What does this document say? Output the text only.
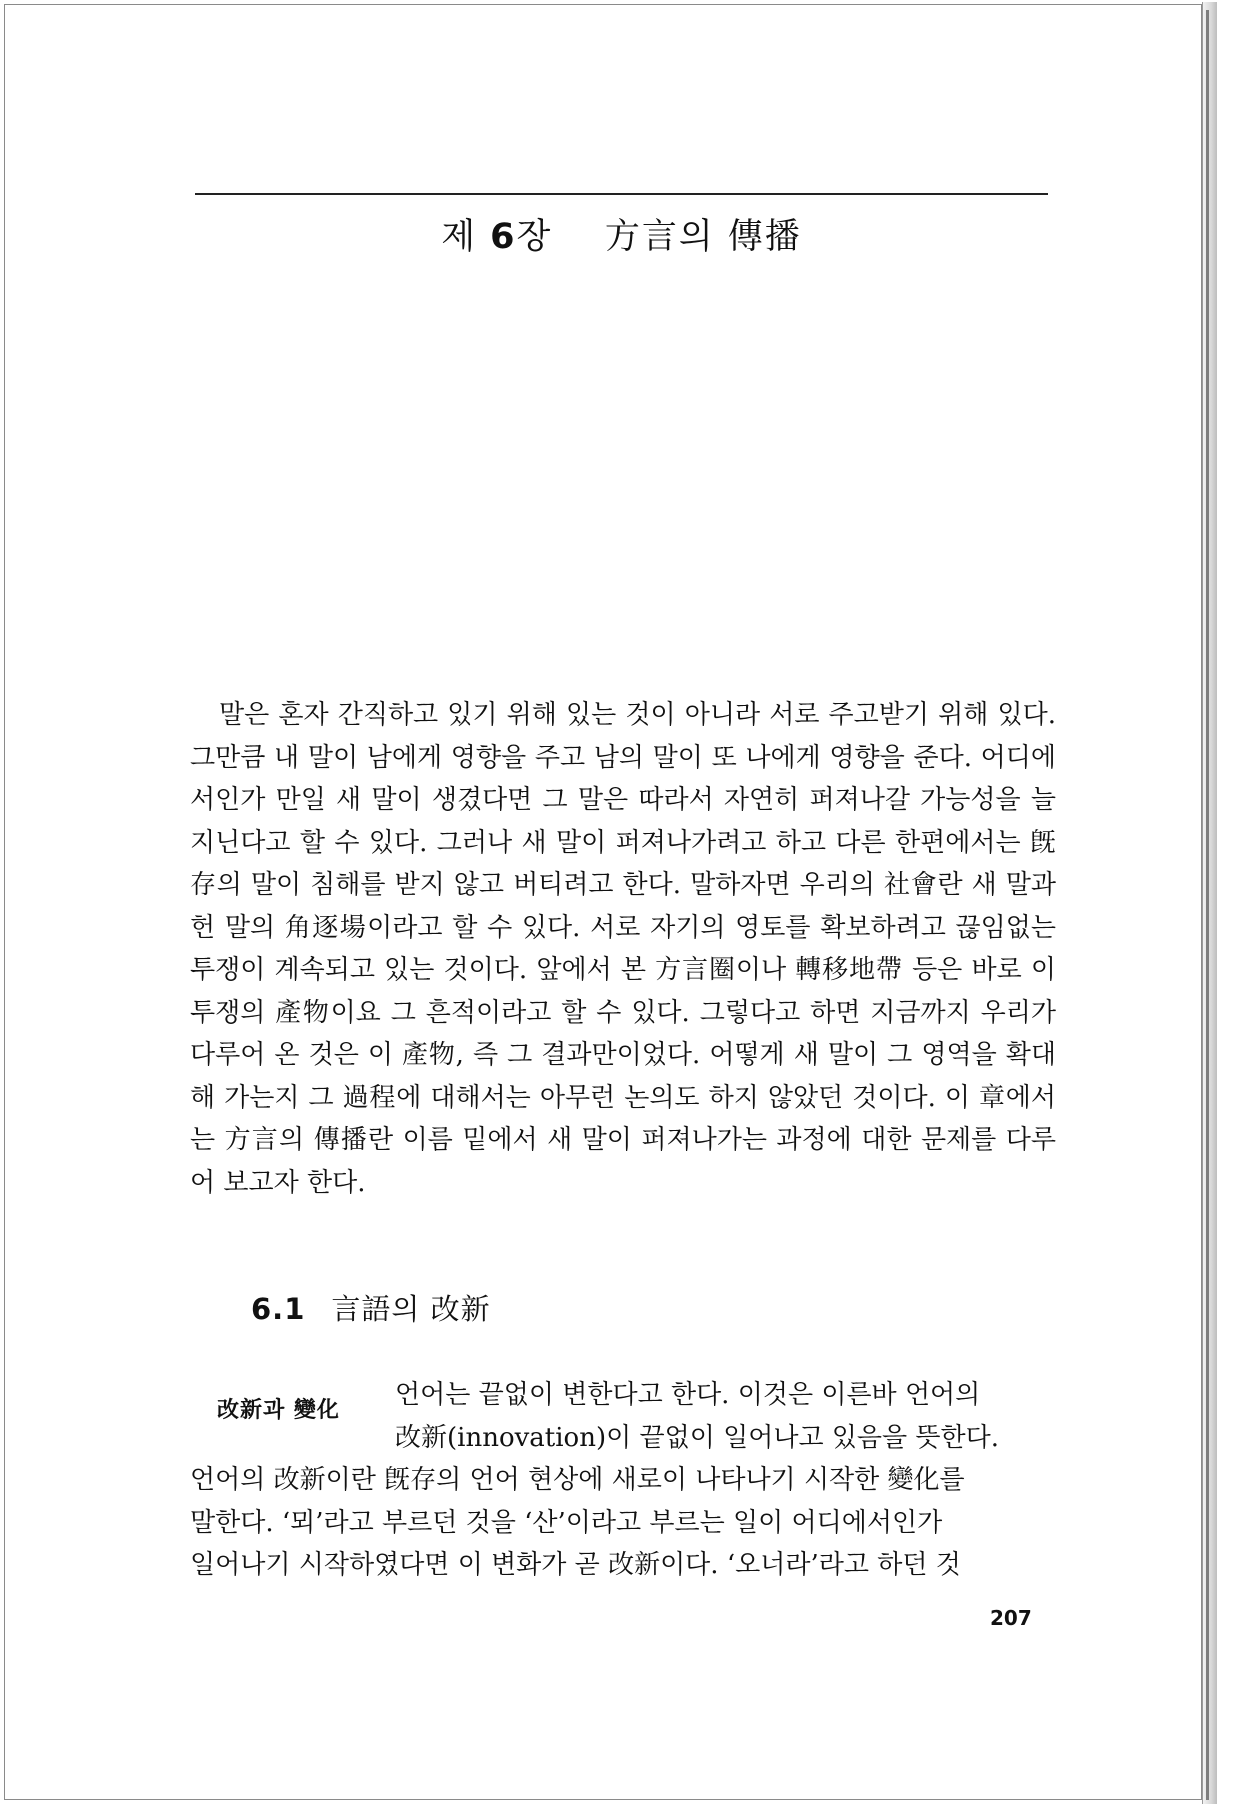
제 6장 方言의 傳播

말은 혼자 간직하고 있기 위해 있는 것이 아니라 서로 주고받기 위해 있다. 그만큼 내 말이 남에게 영향을 주고 남의 말이 또 나에게 영향을 준다. 어디에서인가 만일 새 말이 생겼다면 그 말은 따라서 자연히 퍼져나갈 가능성을 늘 지닌다고 할 수 있다. 그러나 새 말이 퍼져나가려고 하고 다른 한편에서는 旣存의 말이 침해를 받지 않고 버티려고 한다. 말하자면 우리의 社會란 새 말과 헌 말의 角逐場이라고 할 수 있다. 서로 자기의 영토를 확보하려고 끊임없는 투쟁이 계속되고 있는 것이다. 앞에서 본 方言圈이나 轉移地帶 등은 바로 이 투쟁의 產物이요 그 흔적이라고 할 수 있다. 그렇다고 하면 지금까지 우리가 다루어 온 것은 이 產物, 즉 그 결과만이었다. 어떻게 새 말이 그 영역을 확대해 가는지 그 過程에 대해서는 아무런 논의도 하지 않았던 것이다. 이 章에서는 方言의 傳播란 이름 밑에서 새 말이 퍼져나가는 과정에 대한 문제를 다루어 보고자 한다.

6.1 言語의 改新
改新과 變化	언어는 끝없이 변한다고 한다. 이것은 이른바 언어의
改新(innovation)이 끝없이 일어나고 있음을 뜻한다.
언어의 改新이란 旣存의 언어 현상에 새로이 나타나기 시작한 變化를
말한다. ‘뫼’라고 부르던 것을 ‘산’이라고 부르는 일이 어디에서인가
일어나기 시작하였다면 이 변화가 곧 改新이다. ‘오너라’라고 하던 것
207
